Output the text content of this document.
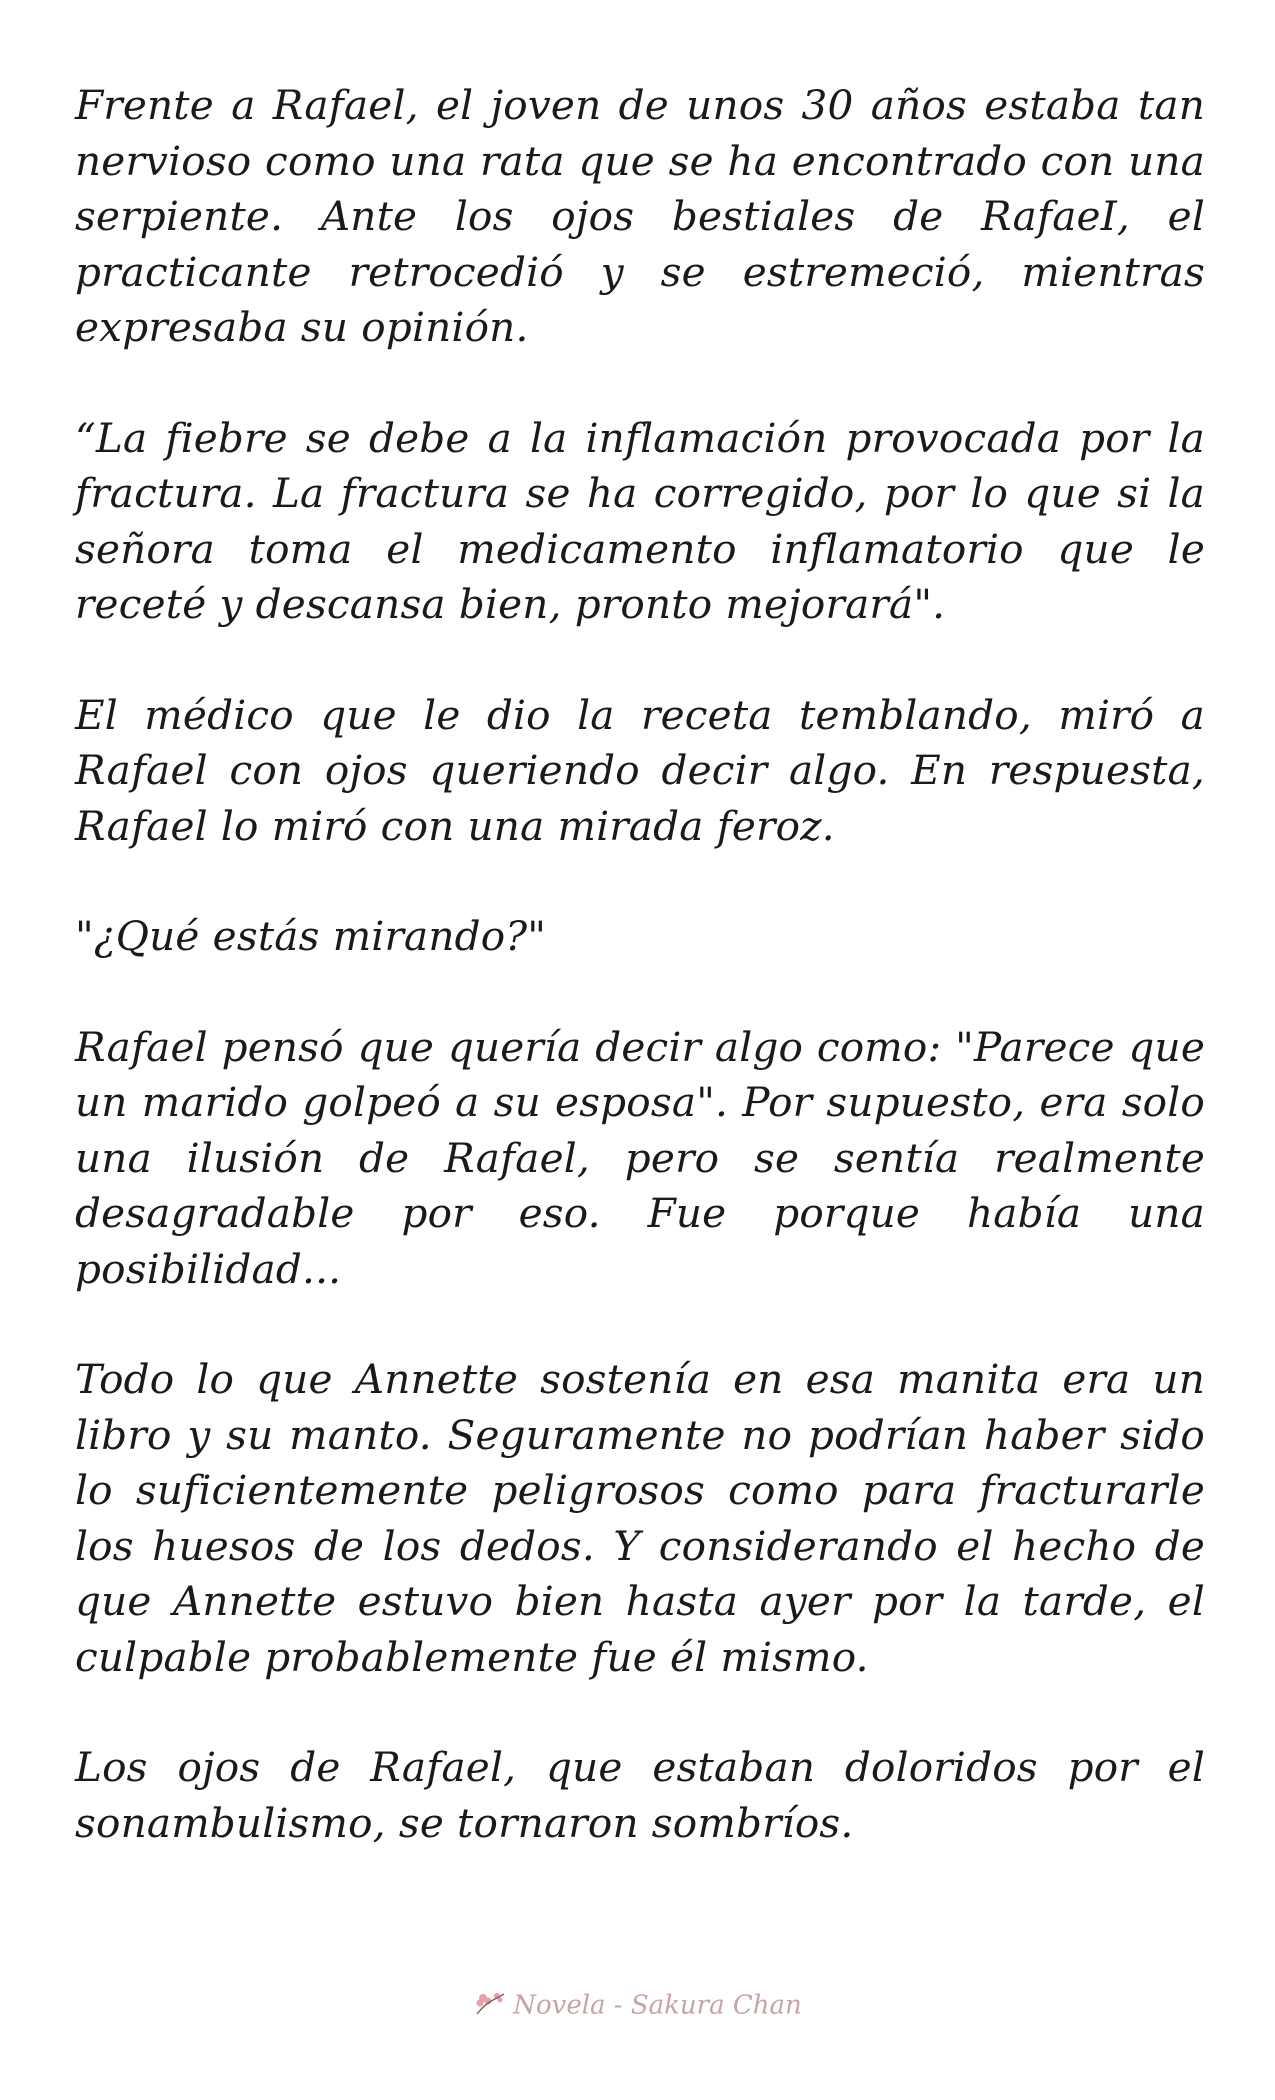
Frente a Rafael, el joven de unos 30 años estaba tan nervioso como una rata que se ha encontrado con una serpiente. Ante los ojos bestiales de RafaeI, el practicante retrocedió y se estremeció, mientras expresaba su opinión.

“La fiebre se debe a la inflamación provocada por la fractura. La fractura se ha corregido, por lo que si la señora toma el medicamento inflamatorio que le receté y descansa bien, pronto mejorará".

El médico que le dio la receta temblando, miró a Rafael con ojos queriendo decir algo. En respuesta, Rafael lo miró con una mirada feroz.

"¿Qué estás mirando?"

Rafael pensó que quería decir algo como: "Parece que un marido golpeó a su esposa". Por supuesto, era solo una ilusión de Rafael, pero se sentía realmente desagradable por eso. Fue porque había una posibilidad...

Todo lo que Annette sostenía en esa manita era un libro y su manto. Seguramente no podrían haber sido lo suficientemente peligrosos como para fracturarle los huesos de los dedos. Y considerando el hecho de que Annette estuvo bien hasta ayer por la tarde, el culpable probablemente fue él mismo.

Los ojos de Rafael, que estaban doloridos por el sonambulismo, se tornaron sombríos.

Novela - Sakura Chan
